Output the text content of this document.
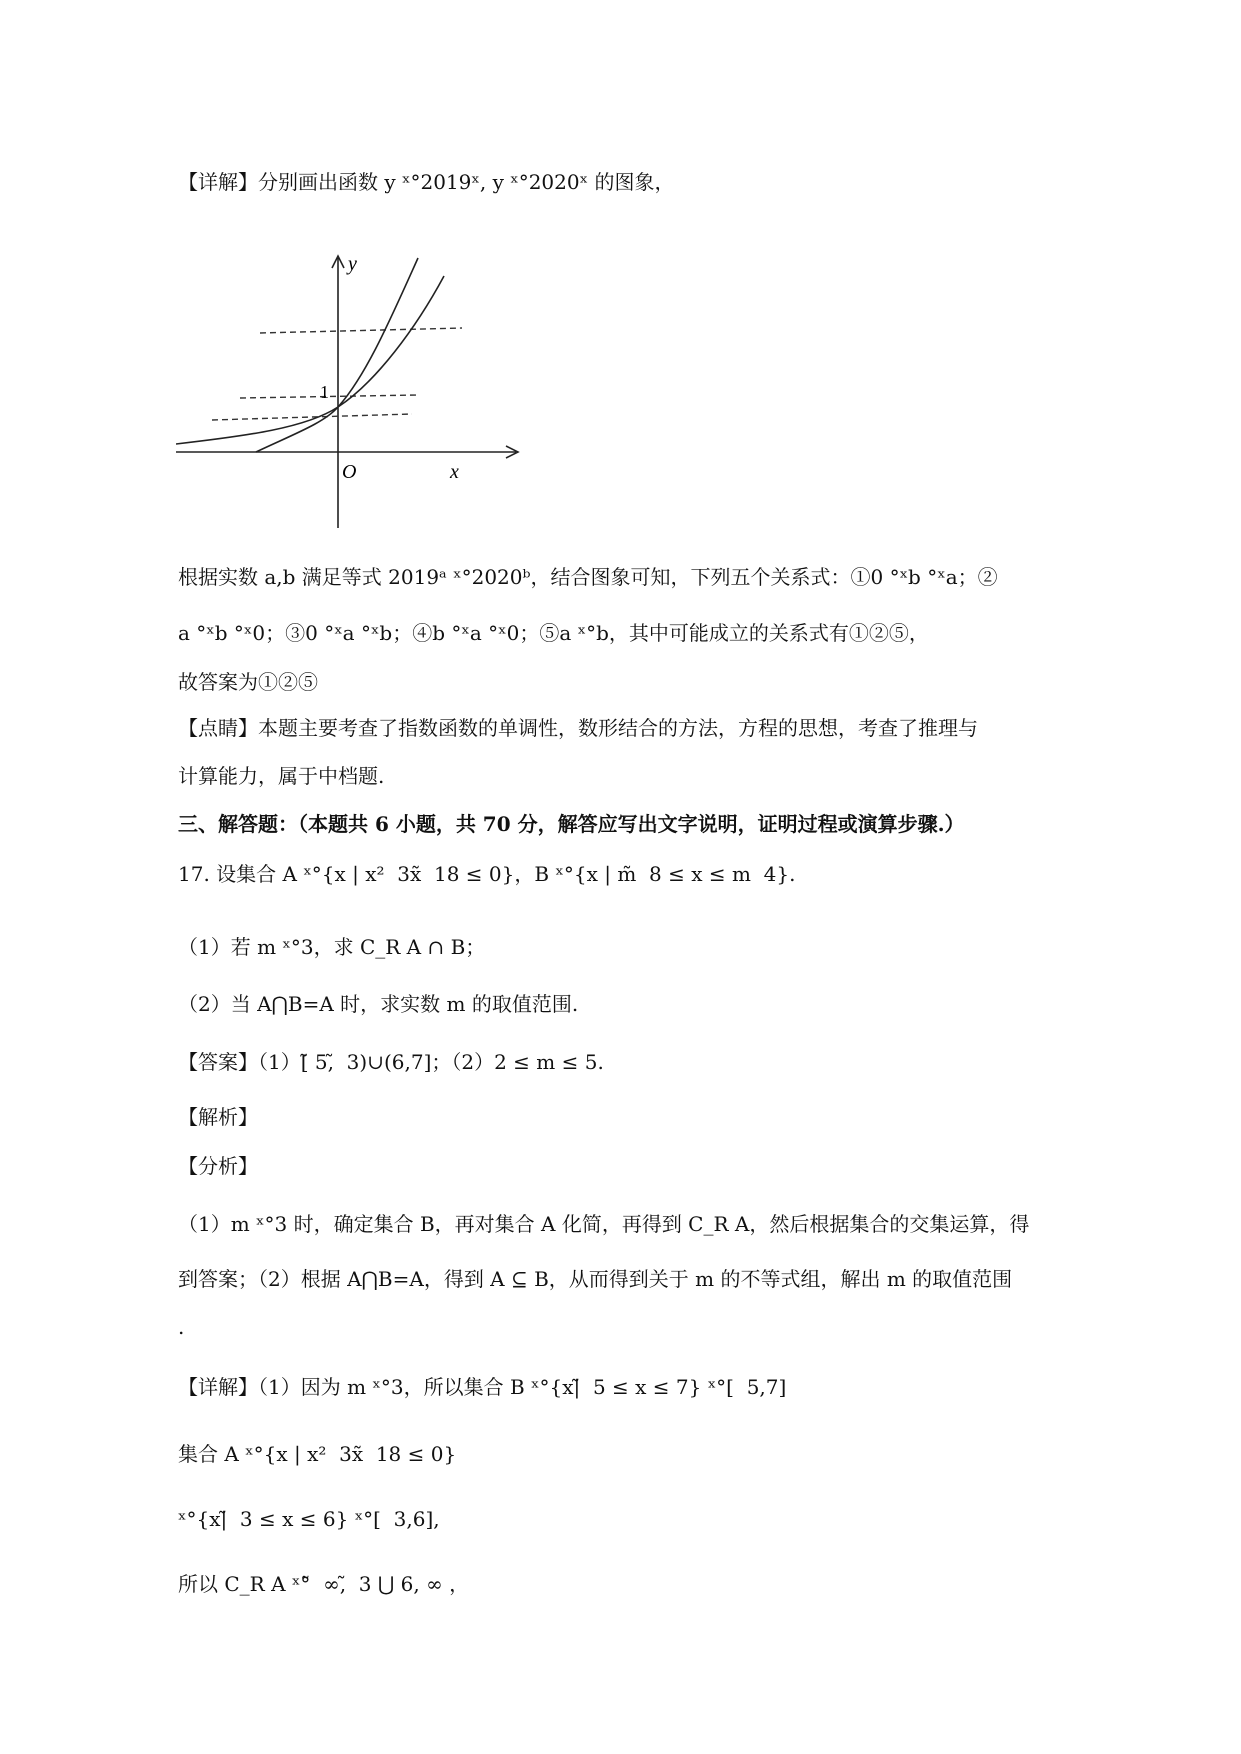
【详解】分别画出函数 y ˣ°2019ˣ, y ˣ°2020ˣ 的图象，
根据实数 a,b 满足等式 2019ᵃ ˣ°2020ᵇ，结合图象可知，下列五个关系式：①0 °ˣb °ˣa；②
a °ˣb °ˣ0；③0 °ˣa °ˣb；④b °ˣa °ˣ0；⑤a ˣ°b，其中可能成立的关系式有①②⑤，
故答案为①②⑤
【点睛】本题主要考查了指数函数的单调性，数形结合的方法，方程的思想，考查了推理与
计算能力，属于中档题.
三、解答题：（本题共 6 小题，共 70 分，解答应写出文字说明，证明过程或演算步骤.）
17. 设集合 A ˣ°{x | x²  3x̃  18 ≤ 0}，B ˣ°{x | m̃  8 ≤ x ≤ m  4}.
（1）若 m ˣ°3，求 C_R A ∩ B；
（2）当 A⋂B=A 时，求实数 m 的取值范围.
【答案】（1）[̃ 5,̃  3)∪(6,7]；（2）2 ≤ m ≤ 5.
【解析】
【分析】
（1）m ˣ°3 时，确定集合 B，再对集合 A 化简，再得到 C_R A，然后根据集合的交集运算，得
到答案；（2）根据 A⋂B=A，得到 A ⊆ B，从而得到关于 m 的不等式组，解出 m 的取值范围
.
【详解】（1）因为 m ˣ°3，所以集合 B ˣ°{x|̃  5 ≤ x ≤ 7} ˣ°[  5,7]
集合 A ˣ°{x | x²  3x̃  18 ≤ 0}
ˣ°{x|̃  3 ≤ x ≤ 6} ˣ°[  3,6],
所以 C_R A ˣ°̃  ∞,̃  3 ⋃ 6, ∞ ，
y
x
O
1
